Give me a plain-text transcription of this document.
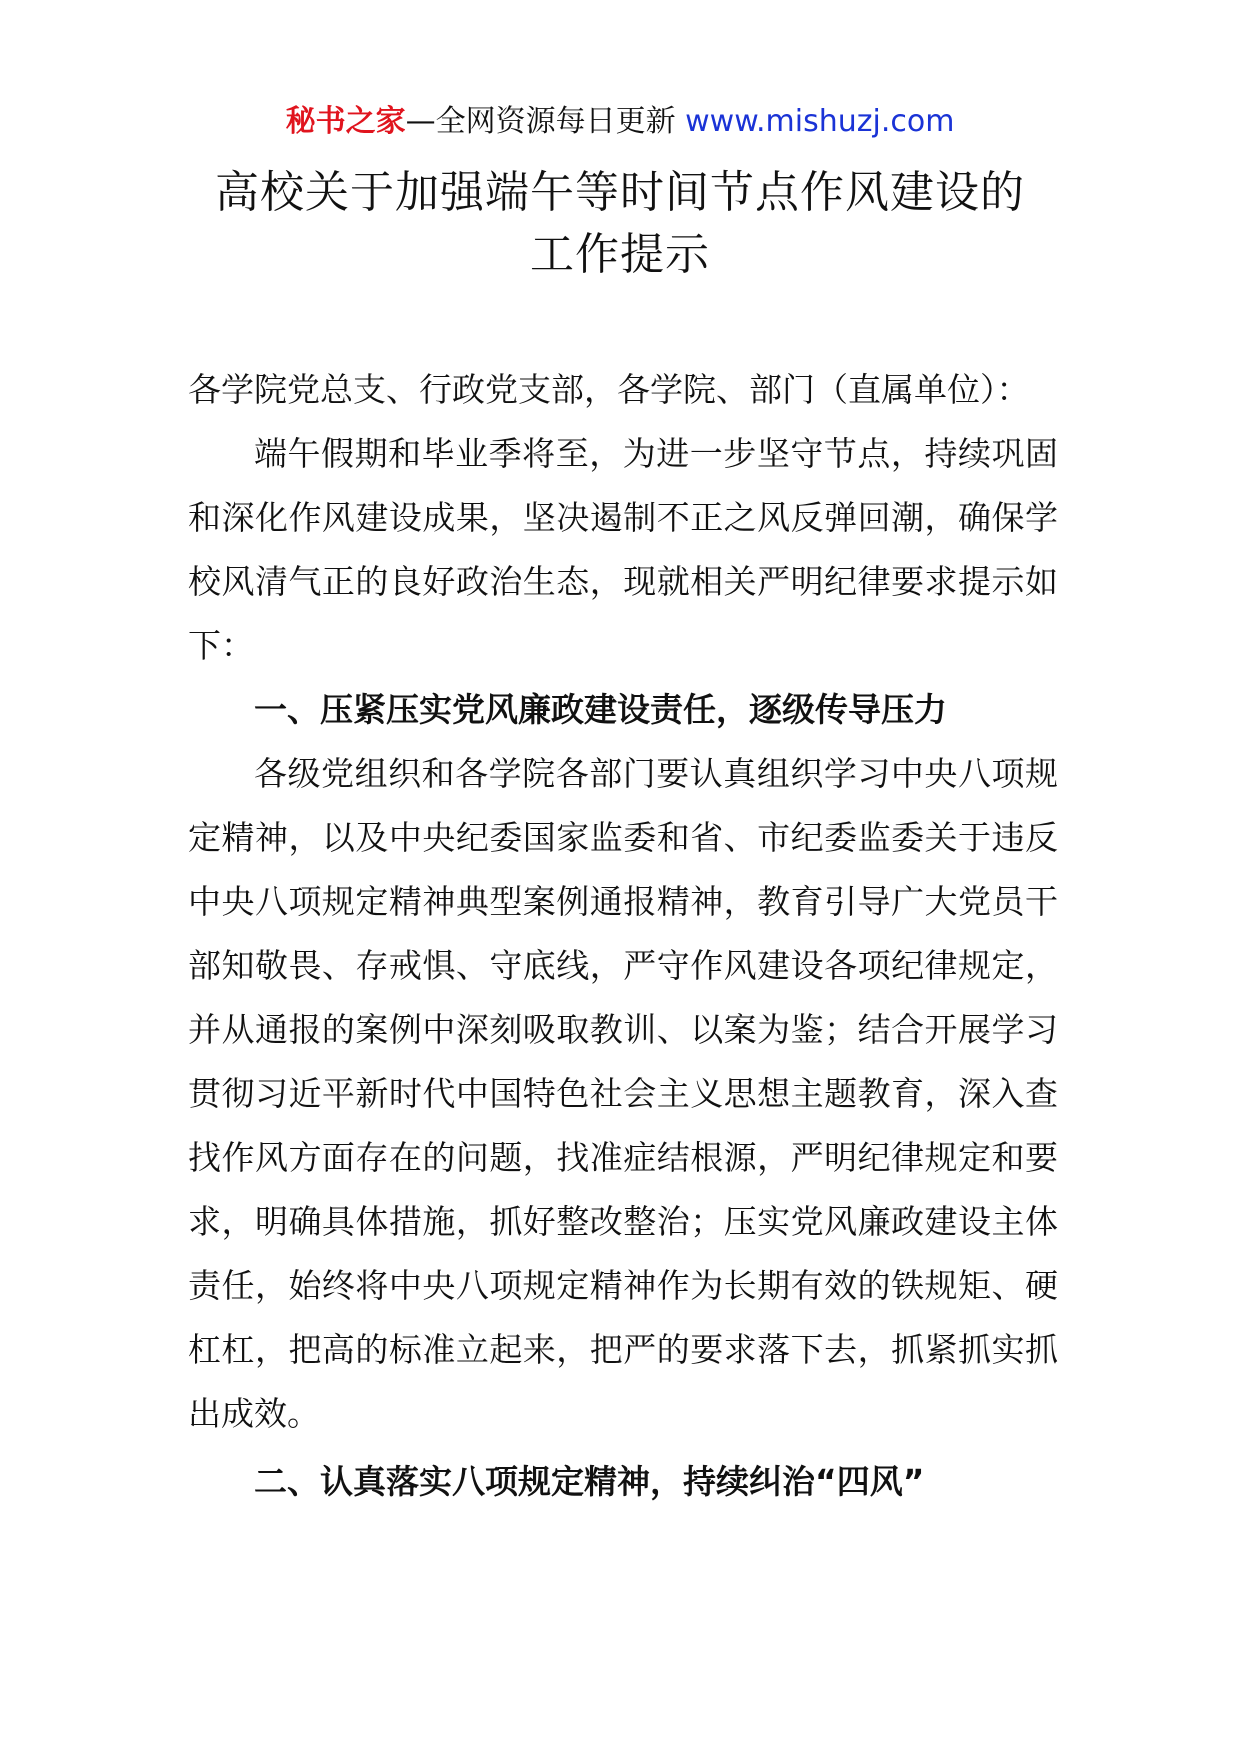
秘书之家—全网资源每日更新 www.mishuzj.com
高校关于加强端午等时间节点作风建设的
工作提示

各学院党总支、行政党支部，各学院、部门（直属单位）：

端午假期和毕业季将至，为进一步坚守节点，持续巩固和深化作风建设成果，坚决遏制不正之风反弹回潮，确保学校风清气正的良好政治生态，现就相关严明纪律要求提示如下：

一、压紧压实党风廉政建设责任，逐级传导压力

各级党组织和各学院各部门要认真组织学习中央八项规定精神，以及中央纪委国家监委和省、市纪委监委关于违反中央八项规定精神典型案例通报精神，教育引导广大党员干部知敬畏、存戒惧、守底线，严守作风建设各项纪律规定，并从通报的案例中深刻吸取教训、以案为鉴；结合开展学习贯彻习近平新时代中国特色社会主义思想主题教育，深入查找作风方面存在的问题，找准症结根源，严明纪律规定和要求，明确具体措施，抓好整改整治；压实党风廉政建设主体责任，始终将中央八项规定精神作为长期有效的铁规矩、硬杠杠，把高的标准立起来，把严的要求落下去，抓紧抓实抓出成效。

二、认真落实八项规定精神，持续纠治“四风”
